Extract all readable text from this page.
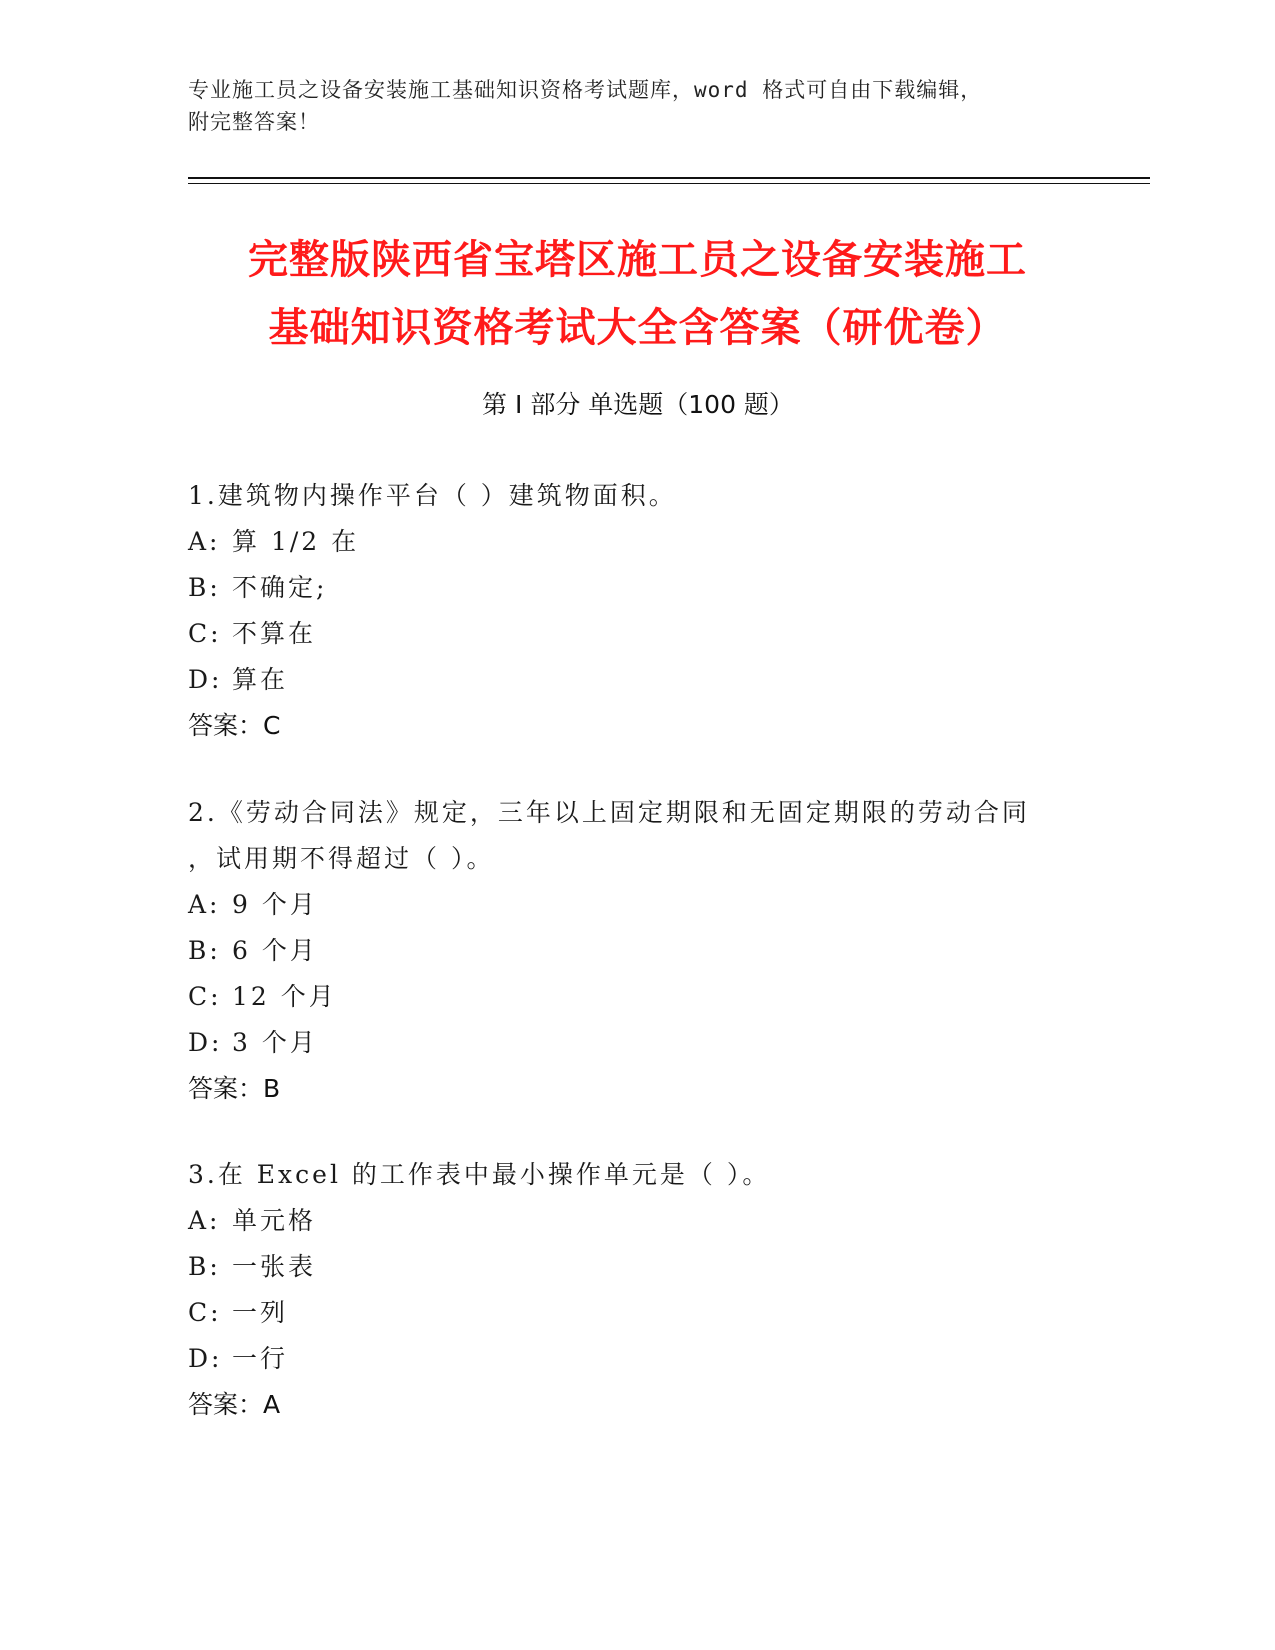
专业施工员之设备安装施工基础知识资格考试题库，word 格式可自由下载编辑，
附完整答案！
完整版陕西省宝塔区施工员之设备安装施工
基础知识资格考试大全含答案（研优卷）
第 I 部分 单选题（100 题）
1.建筑物内操作平台（ ）建筑物面积。
A: 算 1/2 在
B: 不确定;
C: 不算在
D: 算在
答案：C
2.《劳动合同法》规定，三年以上固定期限和无固定期限的劳动合同
，试用期不得超过（ ）。
A: 9 个月
B: 6 个月
C: 12 个月
D: 3 个月
答案：B
3.在 Excel 的工作表中最小操作单元是（ ）。
A: 单元格
B: 一张表
C: 一列
D: 一行
答案：A
